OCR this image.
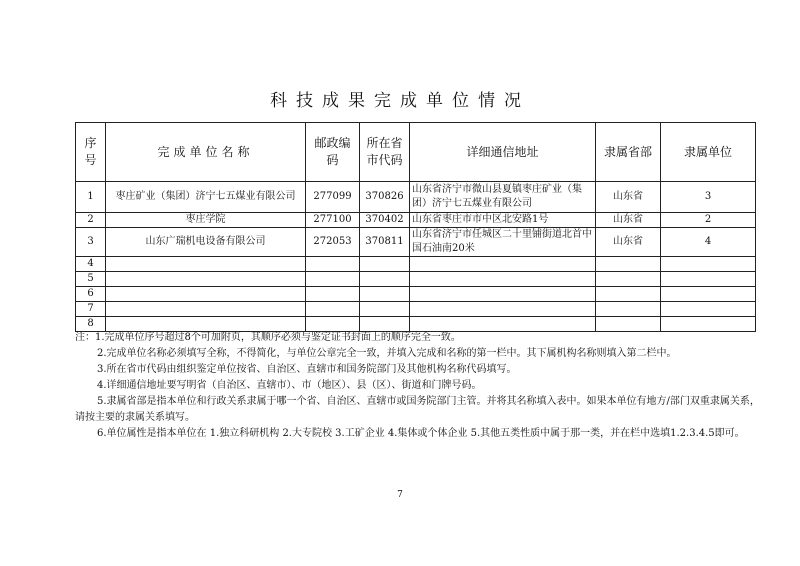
科技成果完成单位情况
序号	完成单位名称	邮政编码	所在省市代码	详细通信地址	隶属省部	隶属单位
1	枣庄矿业（集团）济宁七五煤业有限公司	277099	370826	山东省济宁市微山县夏镇枣庄矿业（集团）济宁七五煤业有限公司	山东省	3
2	枣庄学院	277100	370402	山东省枣庄市市中区北安路1号	山东省	2
3	山东广瑞机电设备有限公司	272053	370811	山东省济宁市任城区二十里铺街道北首中国石油南20米	山东省	4
4						
5						
6						
7						
8						

注：1.完成单位序号超过8个可加附页，其顺序必须与鉴定证书封面上的顺序完全一致。

2.完成单位名称必须填写全称，不得简化，与单位公章完全一致，并填入完成和名称的第一栏中。其下属机构名称则填入第二栏中。

3.所在省市代码由组织鉴定单位按省、自治区、直辖市和国务院部门及其他机构名称代码填写。

4.详细通信地址要写明省（自治区、直辖市）、市（地区）、县（区）、街道和门牌号码。

5.隶属省部是指本单位和行政关系隶属于哪一个省、自治区、直辖市或国务院部门主管。并将其名称填入表中。如果本单位有地方/部门双重隶属关系，请按主要的隶属关系填写。

6.单位属性是指本单位在 1.独立科研机构 2.大专院校 3.工矿企业 4.集体或个体企业 5.其他五类性质中属于那一类，并在栏中选填1.2.3.4.5即可。

7
